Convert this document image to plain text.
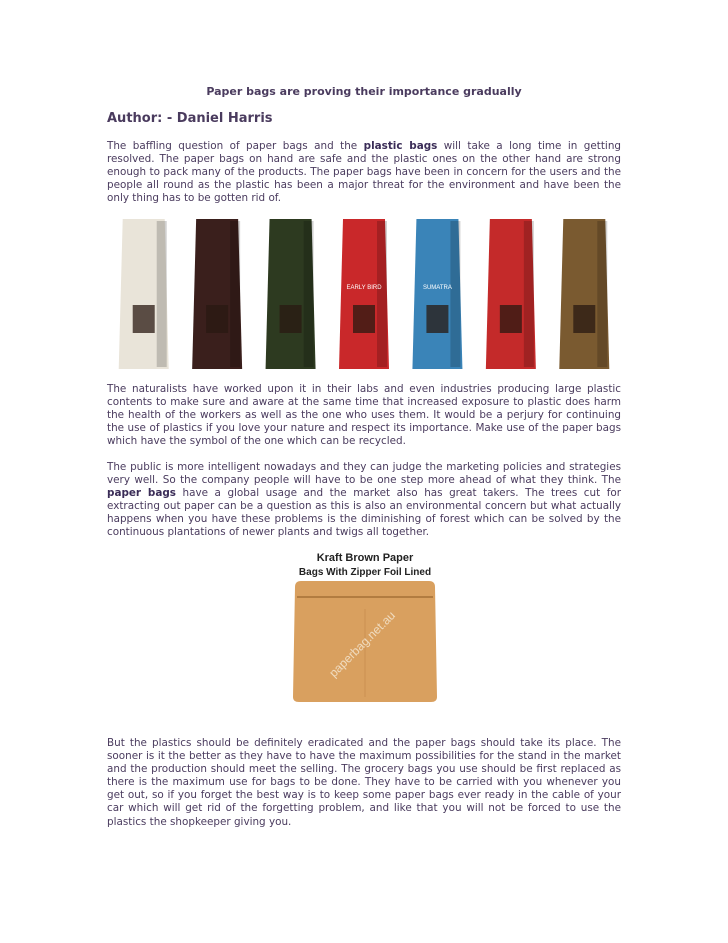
Paper bags are proving their importance gradually
Author: - Daniel Harris

The baffling question of paper bags and the plastic bags will take a long time in getting resolved. The paper bags on hand are safe and the plastic ones on the other hand are strong enough to pack many of the products. The paper bags have been in concern for the users and the people all round as the plastic has been a major threat for the environment and have been the only thing has to be gotten rid of.

The naturalists have worked upon it in their labs and even industries producing large plastic contents to make sure and aware at the same time that increased exposure to plastic does harm the health of the workers as well as the one who uses them. It would be a perjury for continuing the use of plastics if you love your nature and respect its importance. Make use of the paper bags which have the symbol of the one which can be recycled.

The public is more intelligent nowadays and they can judge the marketing policies and strategies very well. So the company people will have to be one step more ahead of what they think. The paper bags have a global usage and the market also has great takers. The trees cut for extracting out paper can be a question as this is also an environmental concern but what actually happens when you have these problems is the diminishing of forest which can be solved by the continuous plantations of newer plants and twigs all together.

But the plastics should be definitely eradicated and the paper bags should take its place. The sooner is it the better as they have to have the maximum possibilities for the stand in the market and the production should meet the selling. The grocery bags you use should be first replaced as there is the maximum use for bags to be done. They have to be carried with you whenever you get out, so if you forget the best way is to keep some paper bags ever ready in the cable of your car which will get rid of the forgetting problem, and like that you will not be forced to use the plastics the shopkeeper giving you.

EARLY BIRD	SUMATRA
Kraft Brown Paper
Bags With Zipper Foil Lined
paperbag.net.au
